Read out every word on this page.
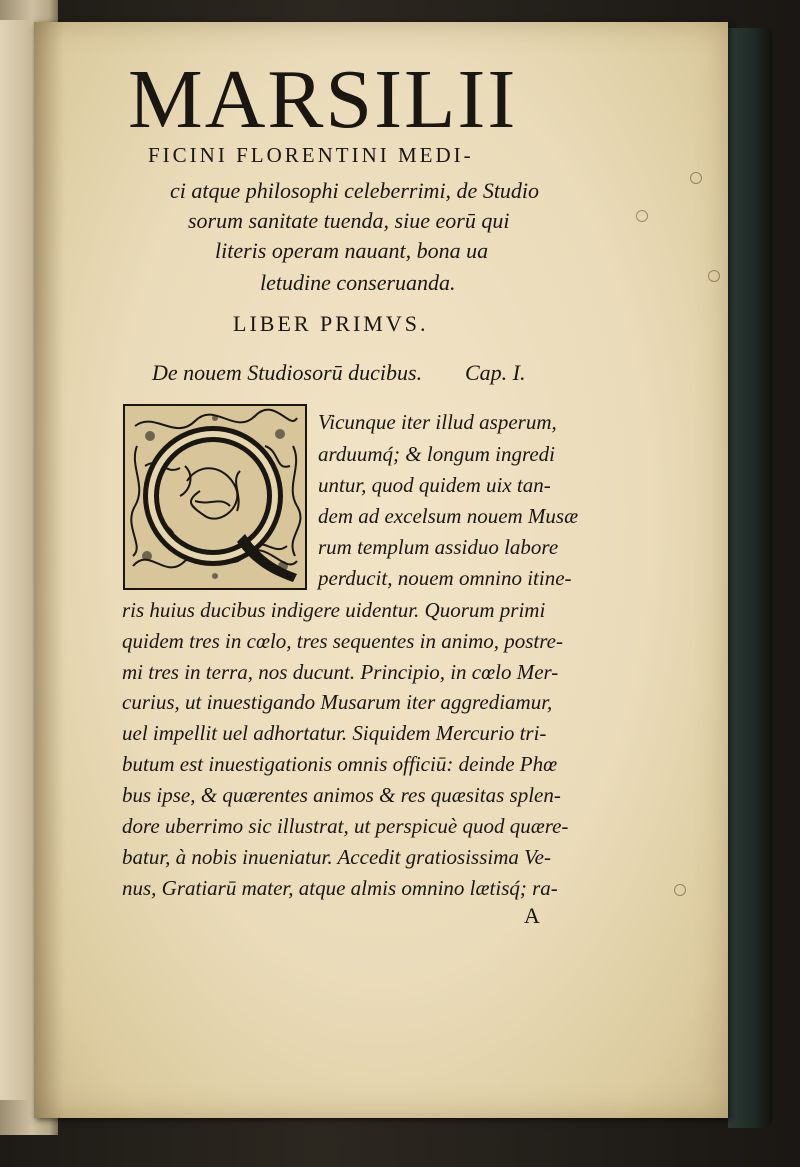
MARSILII
FICINI FLORENTINI MEDI-
ci atque philosophi celeberrimi, de Studio
sorum sanitate tuenda, siue eorū qui
literis operam nauant, bona ua
letudine conseruanda.
LIBER PRIMVS.
De nouem Studiosorū ducibus. Cap. I.
Vicunque iter illud asperum,
arduumq́; & longum ingredi
untur, quod quidem uix tan-
dem ad excelsum nouem Musæ
rum templum assiduo labore
perducit, nouem omnino itine-
ris huius ducibus indigere uidentur. Quorum primi
quidem tres in cœlo, tres sequentes in animo, postre-
mi tres in terra, nos ducunt. Principio, in cœlo Mer-
curius, ut inuestigando Musarum iter aggrediamur,
uel impellit uel adhortatur. Siquidem Mercurio tri-
butum est inuestigationis omnis officiū: deinde Phœ
bus ipse, & quærentes animos & res quæsitas splen-
dore uberrimo sic illustrat, ut perspicuè quod quære-
batur, à nobis inueniatur. Accedit gratiosissima Ve-
nus, Gratiarū mater, atque almis omnino lætisq́; ra-
A
